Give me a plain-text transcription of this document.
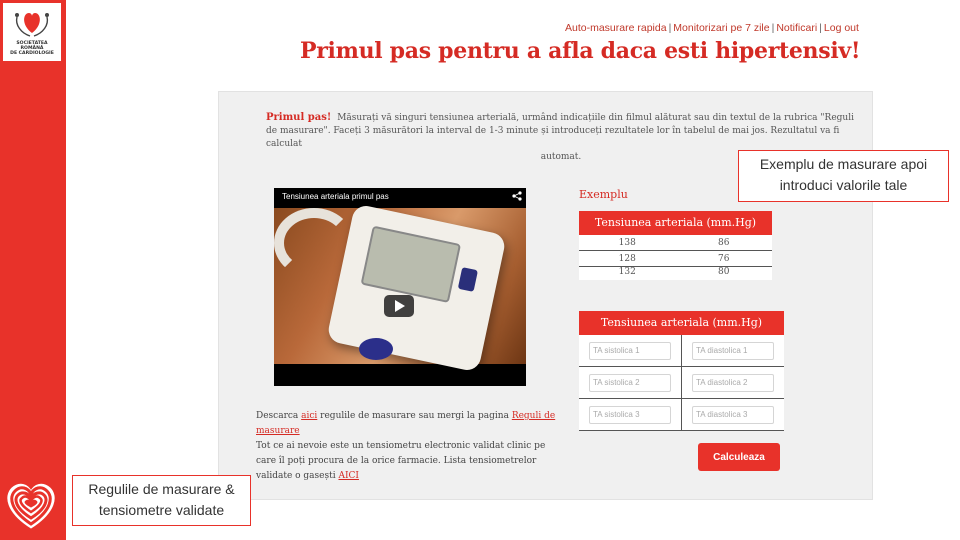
SOCIETATEA ROMÂNĂ
DE CARDIOLOGIE
Auto-masurare rapida | Monitorizari pe 7 zile | Notificari | Log out
Primul pas pentru a afla daca esti hipertensiv!
Primul pas! Măsurați vă singuri tensiunea arterială, urmând indicațiile din filmul alăturat sau din textul de la rubrica "Reguli de masurare". Faceți 3 măsurători la interval de 1-3 minute și introduceți rezultatele lor în tabelul de mai jos. Rezultatul va fi calculat
automat.
Tensiunea arteriala primul pas	Exemplu
Tensiunea arteriala (mm.Hg)
138	86
128	76
132	80
Tensiunea arteriala (mm.Hg)
TA sistolica 1
TA diastolica 1
TA sistolica 2
TA diastolica 2
TA sistolica 3
TA diastolica 3
Calculeaza
Descarca aici regulile de masurare sau mergi la pagina Reguli de masurare
Tot ce ai nevoie este un tensiometru electronic validat clinic pe care îl poți procura de la orice farmacie. Lista tensiometrelor validate o gasești AICI
Exemplu de masurare apoi introduci valorile tale
Regulile de masurare & tensiometre validate
